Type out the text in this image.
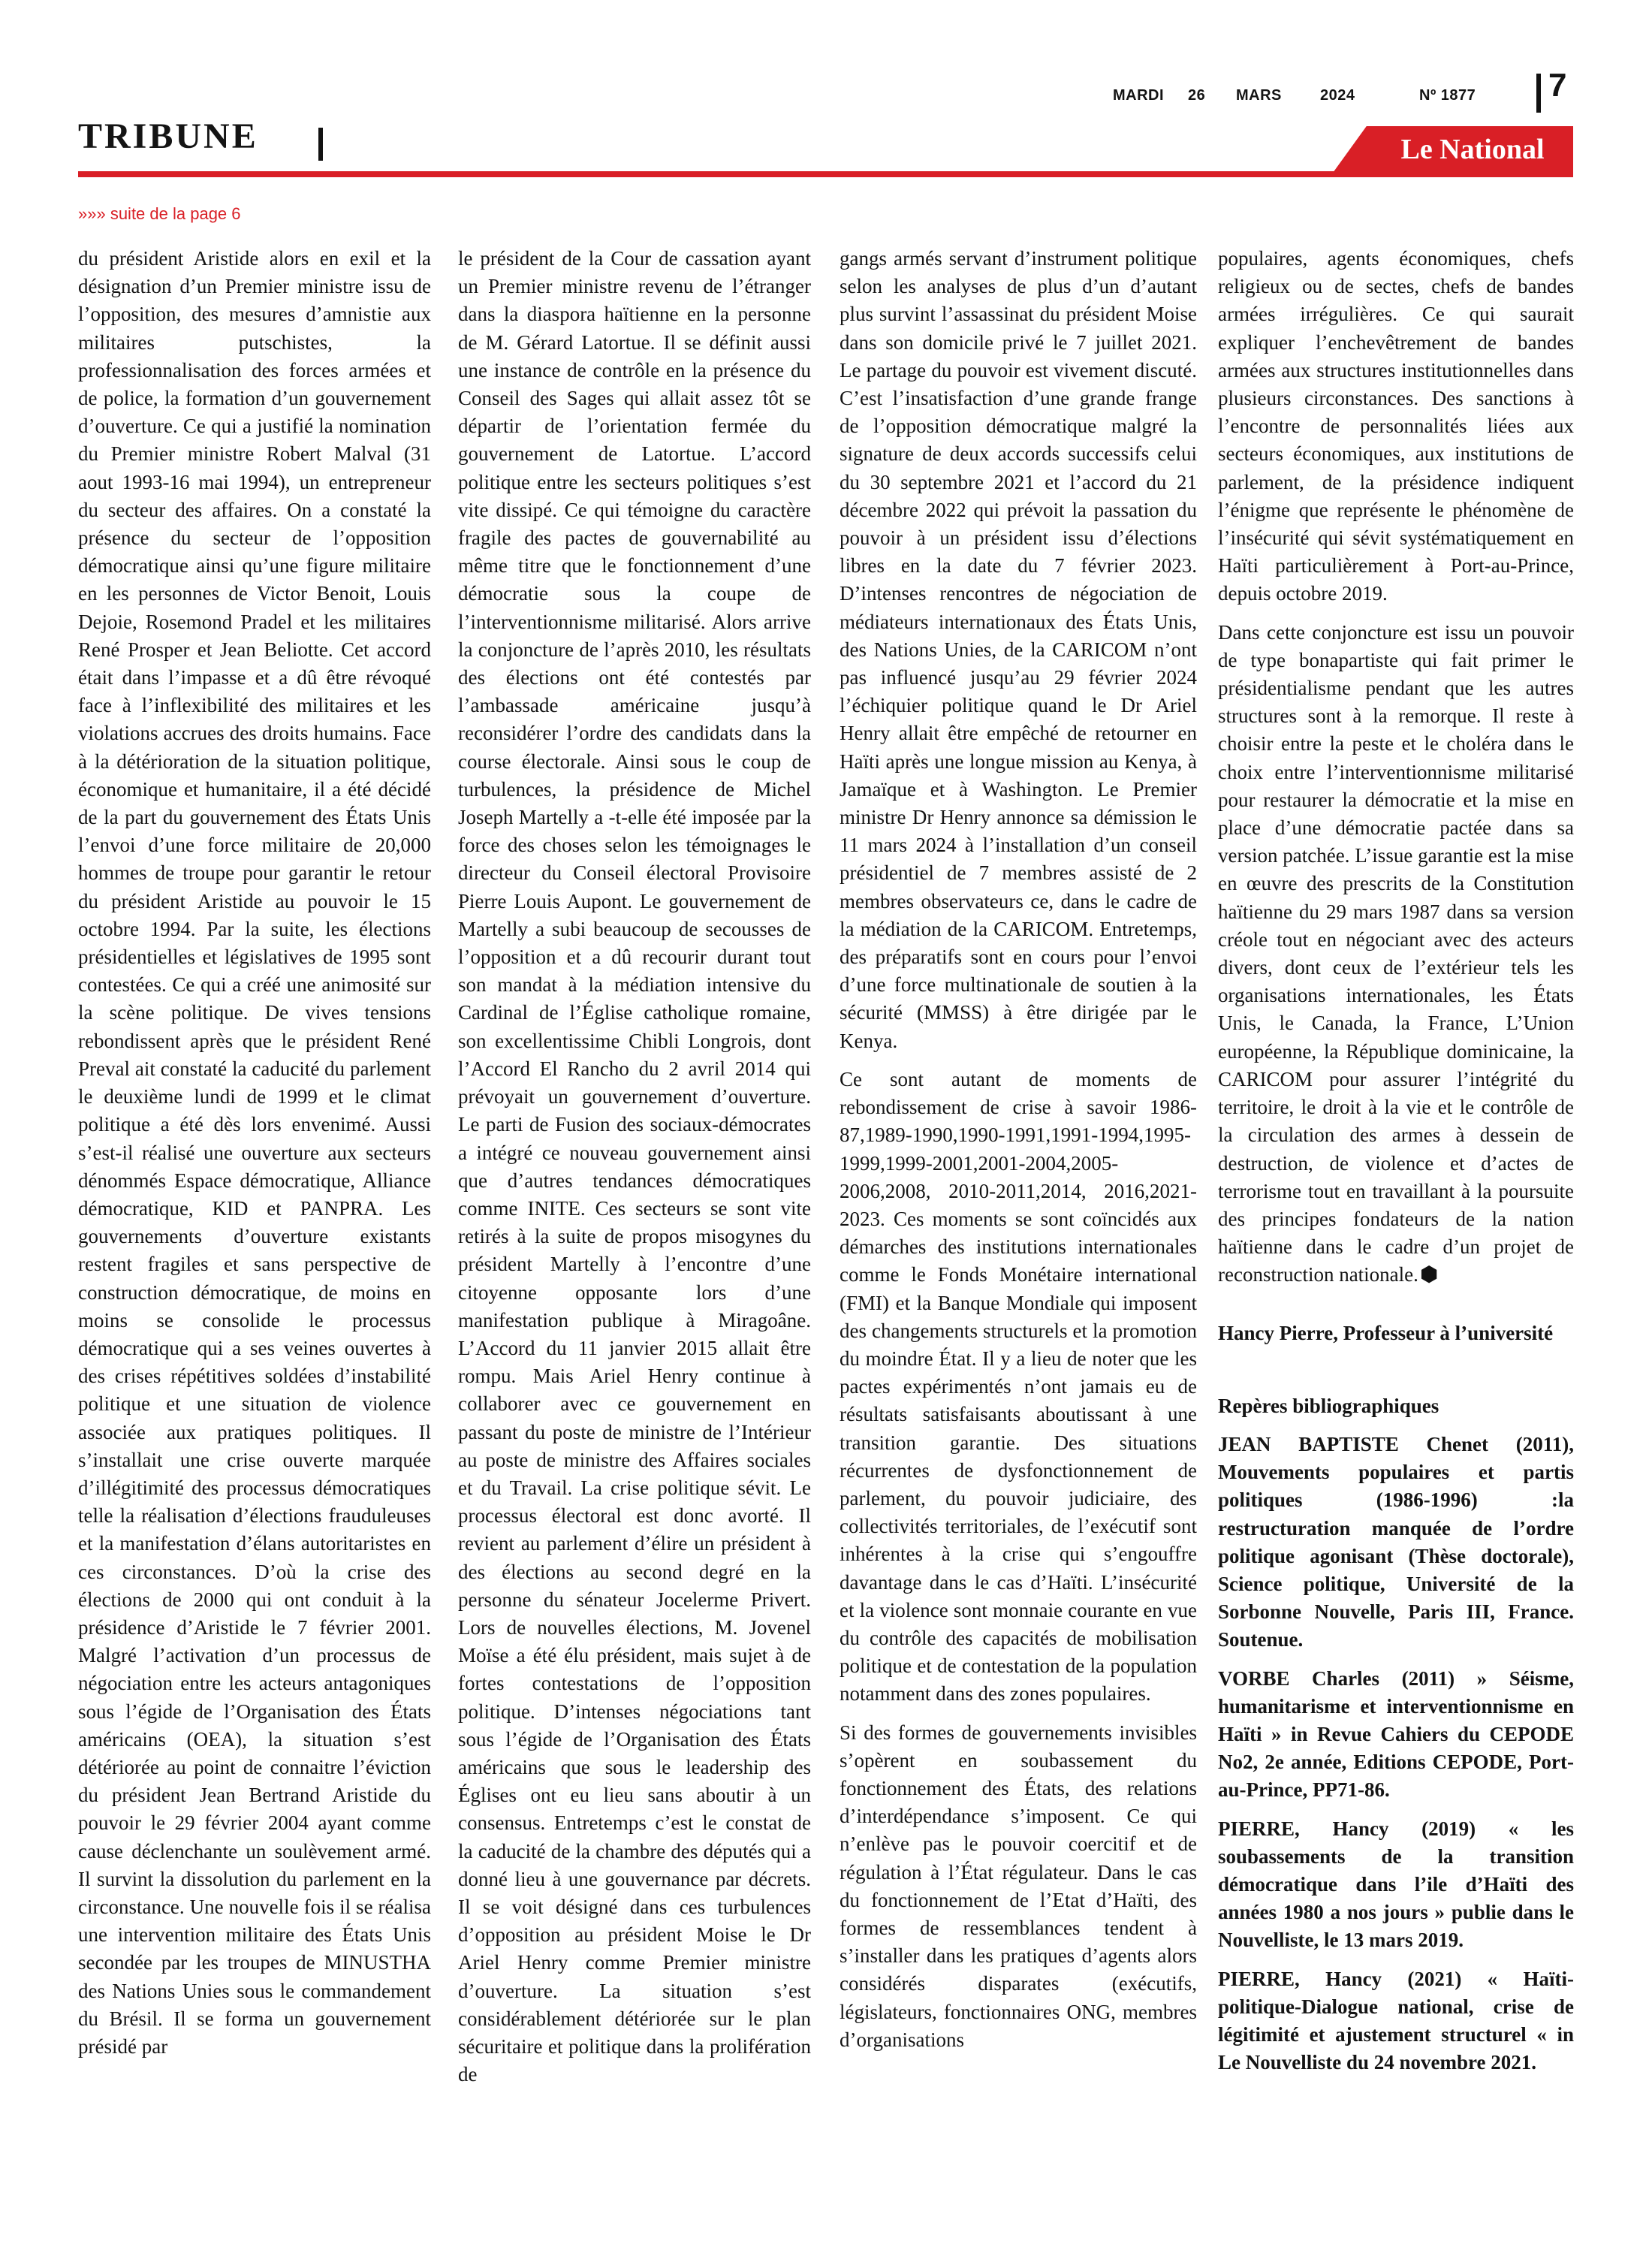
MARDI 26 MARS	2024	Nº 1877 7
TRIBUNE	Le National
»»» suite de la page 6

du président Aristide alors en exil et la désignation d’un Premier ministre issu de l’opposition, des mesures d’amnistie aux militaires putschistes, la professionnalisation des forces armées et de police, la formation d’un gouvernement d’ouverture. Ce qui a justifié la nomination du Premier ministre Robert Malval (31 aout 1993-16 mai 1994), un entrepreneur du secteur des affaires. On a constaté la présence du secteur de l’opposition démocratique ainsi qu’une figure militaire en les personnes de Victor Benoit, Louis Dejoie, Rosemond Pradel et les militaires René Prosper et Jean Beliotte. Cet accord était dans l’impasse et a dû être révoqué face à l’inflexibilité des militaires et les violations accrues des droits humains. Face à la détérioration de la situation politique, économique et humanitaire, il a été décidé de la part du gouvernement des États Unis l’envoi d’une force militaire de 20,000 hommes de troupe pour garantir le retour du président Aristide au pouvoir le 15 octobre 1994. Par la suite, les élections présidentielles et législatives de 1995 sont contestées. Ce qui a créé une animosité sur la scène politique. De vives tensions rebondissent après que le président René Preval ait constaté la caducité du parlement le deuxième lundi de 1999 et le climat politique a été dès lors envenimé. Aussi s’est-il réalisé une ouverture aux secteurs dénommés Espace démocratique, Alliance démocratique, KID et PANPRA. Les gouvernements d’ouverture existants restent fragiles et sans perspective de construction démocratique, de moins en moins se consolide le processus démocratique qui a ses veines ouvertes à des crises répétitives soldées d’instabilité politique et une situation de violence associée aux pratiques politiques. Il s’installait une crise ouverte marquée d’illégitimité des processus démocratiques telle la réalisation d’élections frauduleuses et la manifestation d’élans autoritaristes en ces circonstances. D’où la crise des élections de 2000 qui ont conduit à la présidence d’Aristide le 7 février 2001. Malgré l’activation d’un processus de négociation entre les acteurs antagoniques sous l’égide de l’Organisation des États américains (OEA), la situation s’est détériorée au point de connaitre l’éviction du président Jean Bertrand Aristide du pouvoir le 29 février 2004 ayant comme cause déclenchante un soulèvement armé. Il survint la dissolution du parlement en la circonstance. Une nouvelle fois il se réalisa une intervention militaire des États Unis secondée par les troupes de MINUSTHA des Nations Unies sous le commandement du Brésil. Il se forma un gouvernement présidé par

le président de la Cour de cassation ayant un Premier ministre revenu de l’étranger dans la diaspora haïtienne en la personne de M. Gérard Latortue. Il se définit aussi une instance de contrôle en la présence du Conseil des Sages qui allait assez tôt se départir de l’orientation fermée du gouvernement de Latortue. L’accord politique entre les secteurs politiques s’est vite dissipé. Ce qui témoigne du caractère fragile des pactes de gouvernabilité au même titre que le fonctionnement d’une démocratie sous la coupe de l’interventionnisme militarisé. Alors arrive la conjoncture de l’après 2010, les résultats des élections ont été contestés par l’ambassade américaine jusqu’à reconsidérer l’ordre des candidats dans la course électorale. Ainsi sous le coup de turbulences, la présidence de Michel Joseph Martelly a -t-elle été imposée par la force des choses selon les témoignages le directeur du Conseil électoral Provisoire Pierre Louis Aupont. Le gouvernement de Martelly a subi beaucoup de secousses de l’opposition et a dû recourir durant tout son mandat à la médiation intensive du Cardinal de l’Église catholique romaine, son excellentissime Chibli Longrois, dont l’Accord El Rancho du 2 avril 2014 qui prévoyait un gouvernement d’ouverture. Le parti de Fusion des sociaux-démocrates a intégré ce nouveau gouvernement ainsi que d’autres tendances démocratiques comme INITE. Ces secteurs se sont vite retirés à la suite de propos misogynes du président Martelly à l’encontre d’une citoyenne opposante lors d’une manifestation publique à Miragoâne. L’Accord du 11 janvier 2015 allait être rompu. Mais Ariel Henry continue à collaborer avec ce gouvernement en passant du poste de ministre de l’Intérieur au poste de ministre des Affaires sociales et du Travail. La crise politique sévit. Le processus électoral est donc avorté. Il revient au parlement d’élire un président à des élections au second degré en la personne du sénateur Jocelerme Privert. Lors de nouvelles élections, M. Jovenel Moïse a été élu président, mais sujet à de fortes contestations de l’opposition politique. D’intenses négociations tant sous l’égide de l’Organisation des États américains que sous le leadership des Églises ont eu lieu sans aboutir à un consensus. Entretemps c’est le constat de la caducité de la chambre des députés qui a donné lieu à une gouvernance par décrets. Il se voit désigné dans ces turbulences d’opposition au président Moise le Dr Ariel Henry comme Premier ministre d’ouverture. La situation s’est considérablement détériorée sur le plan sécuritaire et politique dans la prolifération de

gangs armés servant d’instrument politique selon les analyses de plus d’un d’autant plus survint l’assassinat du président Moise dans son domicile privé le 7 juillet 2021. Le partage du pouvoir est vivement discuté. C’est l’insatisfaction d’une grande frange de l’opposition démocratique malgré la signature de deux accords successifs celui du 30 septembre 2021 et l’accord du 21 décembre 2022 qui prévoit la passation du pouvoir à un président issu d’élections libres en la date du 7 février 2023. D’intenses rencontres de négociation de médiateurs internationaux des États Unis, des Nations Unies, de la CARICOM n’ont pas influencé jusqu’au 29 février 2024 l’échiquier politique quand le Dr Ariel Henry allait être empêché de retourner en Haïti après une longue mission au Kenya, à Jamaïque et à Washington. Le Premier ministre Dr Henry annonce sa démission le 11 mars 2024 à l’installation d’un conseil présidentiel de 7 membres assisté de 2 membres observateurs ce, dans le cadre de la médiation de la CARICOM. Entretemps, des préparatifs sont en cours pour l’envoi d’une force multinationale de soutien à la sécurité (MMSS) à être dirigée par le Kenya.

Ce sont autant de moments de rebondissement de crise à savoir 1986-87,1989-1990,1990-1991,1991-1994,1995-1999,1999-2001,2001-2004,2005-2006,2008, 2010-2011,2014, 2016,2021-2023. Ces moments se sont coïncidés aux démarches des institutions internationales comme le Fonds Monétaire international (FMI) et la Banque Mondiale qui imposent des changements structurels et la promotion du moindre État. Il y a lieu de noter que les pactes expérimentés n’ont jamais eu de résultats satisfaisants aboutissant à une transition garantie. Des situations récurrentes de dysfonctionnement de parlement, du pouvoir judiciaire, des collectivités territoriales, de l’exécutif sont inhérentes à la crise qui s’engouffre davantage dans le cas d’Haïti. L’insécurité et la violence sont monnaie courante en vue du contrôle des capacités de mobilisation politique et de contestation de la population notamment dans des zones populaires.

Si des formes de gouvernements invisibles s’opèrent en soubassement du fonctionnement des États, des relations d’interdépendance s’imposent. Ce qui n’enlève pas le pouvoir coercitif et de régulation à l’État régulateur. Dans le cas du fonctionnement de l’Etat d’Haïti, des formes de ressemblances tendent à s’installer dans les pratiques d’agents alors considérés disparates (exécutifs, législateurs, fonctionnaires ONG, membres d’organisations

populaires, agents économiques, chefs religieux ou de sectes, chefs de bandes armées irrégulières. Ce qui saurait expliquer l’enchevêtrement de bandes armées aux structures institutionnelles dans plusieurs circonstances. Des sanctions à l’encontre de personnalités liées aux secteurs économiques, aux institutions de parlement, de la présidence indiquent l’énigme que représente le phénomène de l’insécurité qui sévit systématiquement en Haïti particulièrement à Port-au-Prince, depuis octobre 2019.

Dans cette conjoncture est issu un pouvoir de type bonapartiste qui fait primer le présidentialisme pendant que les autres structures sont à la remorque. Il reste à choisir entre la peste et le choléra dans le choix entre l’interventionnisme militarisé pour restaurer la démocratie et la mise en place d’une démocratie pactée dans sa version patchée. L’issue garantie est la mise en œuvre des prescrits de la Constitution haïtienne du 29 mars 1987 dans sa version créole tout en négociant avec des acteurs divers, dont ceux de l’extérieur tels les organisations internationales, les États Unis, le Canada, la France, L’Union européenne, la République dominicaine, la CARICOM pour assurer l’intégrité du territoire, le droit à la vie et le contrôle de la circulation des armes à dessein de destruction, de violence et d’actes de terrorisme tout en travaillant à la poursuite des principes fondateurs de la nation haïtienne dans le cadre d’un projet de reconstruction nationale.⬢

Hancy Pierre, Professeur à l’université

Repères bibliographiques

JEAN BAPTISTE Chenet (2011), Mouvements populaires et partis politiques (1986-1996) :la restructuration manquée de l’ordre politique agonisant (Thèse doctorale), Science politique, Université de la Sorbonne Nouvelle, Paris III, France. Soutenue.

VORBE Charles (2011) » Séisme, humanitarisme et interventionnisme en Haïti » in Revue Cahiers du CEPODE No2, 2e année, Editions CEPODE, Port-au-Prince, PP71-86.

PIERRE, Hancy (2019) « les soubassements de la transition démocratique dans l’ile d’Haïti des années 1980 a nos jours » publie dans le Nouvelliste, le 13 mars 2019.

PIERRE, Hancy (2021) « Haïti-politique-Dialogue national, crise de légitimité et ajustement structurel « in Le Nouvelliste du 24 novembre 2021.
